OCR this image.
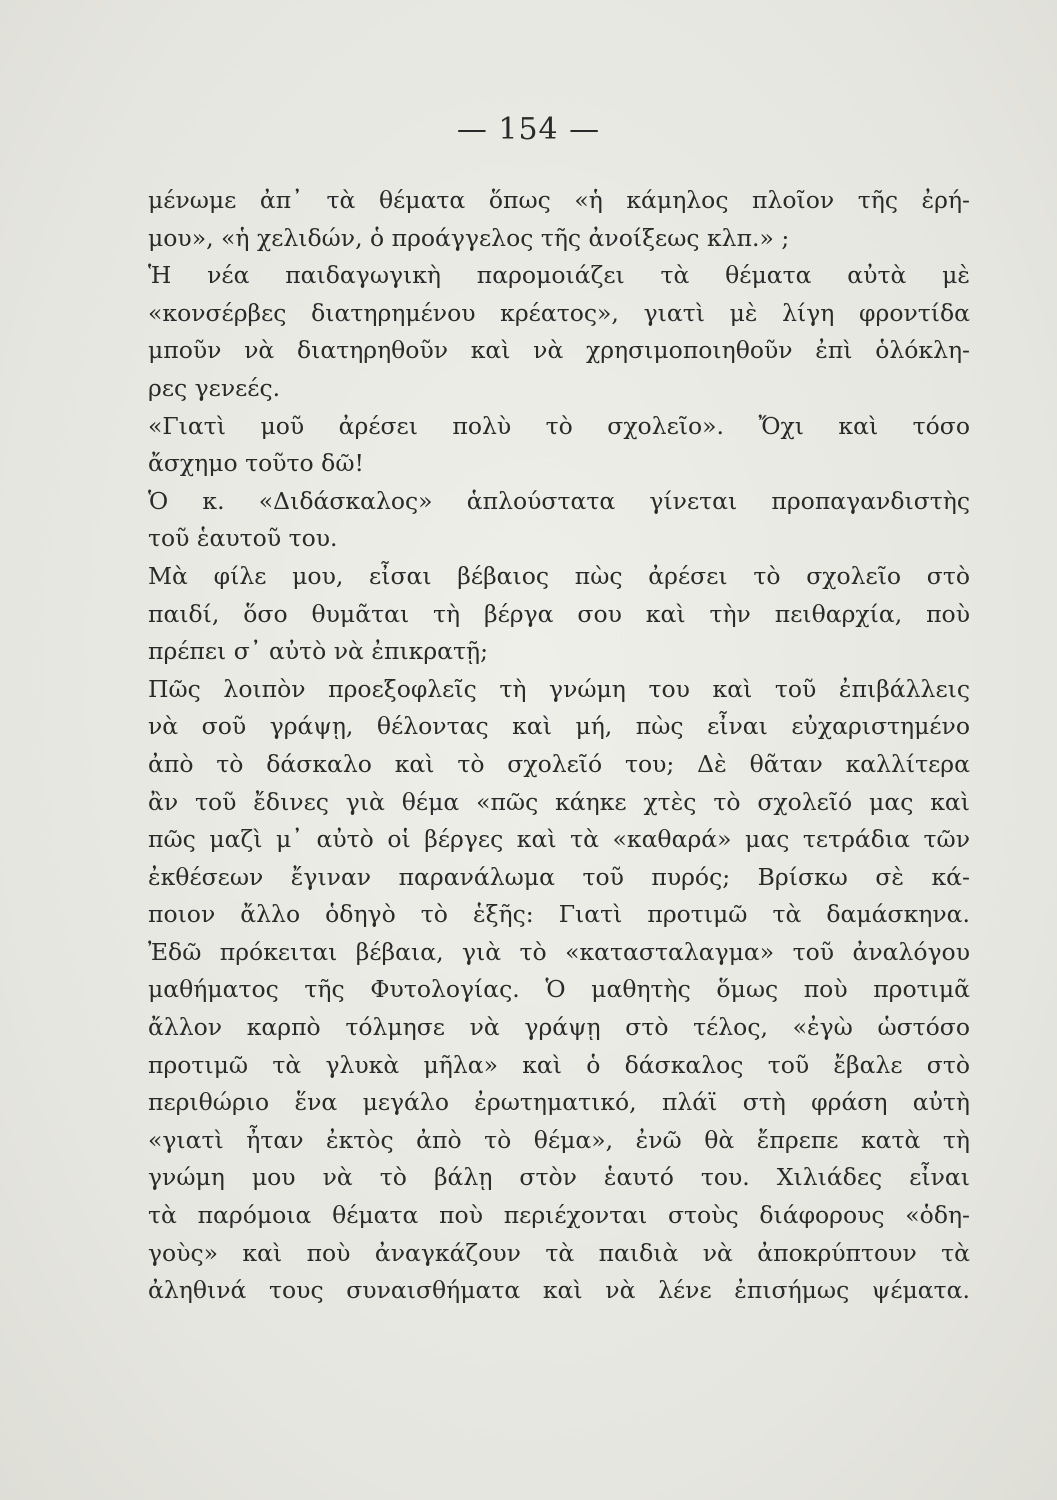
— 154 —
μένωμε ἀπ᾽ τὰ θέματα ὅπως «ἡ κάμηλος πλοῖον τῆς ἐρή-
μου», «ἡ χελιδών, ὁ προάγγελος τῆς ἀνοίξεως κλπ.» ;
Ἡ νέα παιδαγωγικὴ παρομοιάζει τὰ θέματα αὐτὰ μὲ
«κονσέρβες διατηρημένου κρέατος», γιατὶ μὲ λίγη φροντίδα
μποῦν νὰ διατηρηθοῦν καὶ νὰ χρησιμοποιηθοῦν ἐπὶ ὁλόκλη-
ρες γενεές.
«Γιατὶ μοῦ ἀρέσει πολὺ τὸ σχολεῖο». Ὄχι καὶ τόσο
ἄσχημο τοῦτο δῶ!
Ὁ κ. «Διδάσκαλος» ἁπλούστατα γίνεται προπαγανδιστὴς
τοῦ ἑαυτοῦ του.
Μὰ φίλε μου, εἶσαι βέβαιος πὼς ἀρέσει τὸ σχολεῖο στὸ
παιδί, ὅσο θυμᾶται τὴ βέργα σου καὶ τὴν πειθαρχία, ποὺ
πρέπει σ᾽ αὐτὸ νὰ ἐπικρατῇ;
Πῶς λοιπὸν προεξοφλεῖς τὴ γνώμη του καὶ τοῦ ἐπιβάλλεις
νὰ σοῦ γράψῃ, θέλοντας καὶ μή, πὼς εἶναι εὐχαριστημένο
ἀπὸ τὸ δάσκαλο καὶ τὸ σχολεῖό του; Δὲ θᾶταν καλλίτερα
ἂν τοῦ ἔδινες γιὰ θέμα «πῶς κάηκε χτὲς τὸ σχολεῖό μας καὶ
πῶς μαζὶ μ᾽ αὐτὸ οἱ βέργες καὶ τὰ «καθαρά» μας τετράδια τῶν
ἐκθέσεων ἔγιναν παρανάλωμα τοῦ πυρός; Βρίσκω σὲ κά-
ποιον ἄλλο ὁδηγὸ τὸ ἑξῆς: Γιατὶ προτιμῶ τὰ δαμάσκηνα.
Ἐδῶ πρόκειται βέβαια, γιὰ τὸ «κατασταλαγμα» τοῦ ἀναλόγου
μαθήματος τῆς Φυτολογίας. Ὁ μαθητὴς ὅμως ποὺ προτιμᾶ
ἄλλον καρπὸ τόλμησε νὰ γράψῃ στὸ τέλος, «ἐγὼ ὡστόσο
προτιμῶ τὰ γλυκὰ μῆλα» καὶ ὁ δάσκαλος τοῦ ἔβαλε στὸ
περιθώριο ἕνα μεγάλο ἐρωτηματικό, πλάϊ στὴ φράση αὐτὴ
«γιατὶ ἦταν ἐκτὸς ἀπὸ τὸ θέμα», ἐνῶ θὰ ἔπρεπε κατὰ τὴ
γνώμη μου νὰ τὸ βάλῃ στὸν ἑαυτό του. Χιλιάδες εἶναι
τὰ παρόμοια θέματα ποὺ περιέχονται στοὺς διάφορους «ὁδη-
γοὺς» καὶ ποὺ ἀναγκάζουν τὰ παιδιὰ νὰ ἀποκρύπτουν τὰ
ἀληθινά τους συναισθήματα καὶ νὰ λένε ἐπισήμως ψέματα.
